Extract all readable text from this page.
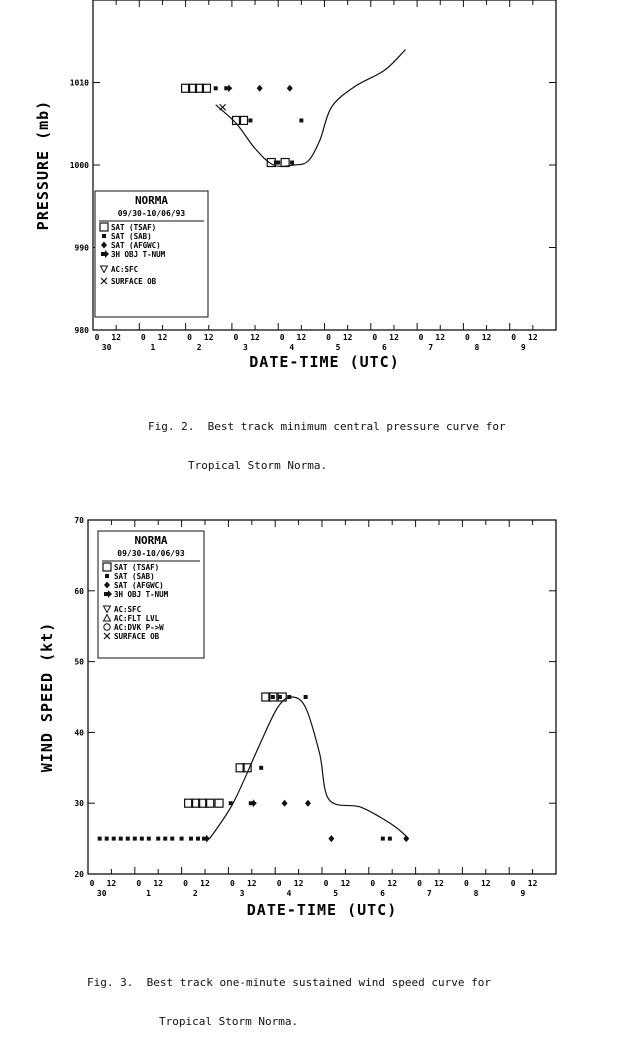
980
990
1000
1010
0 12 0 12 0 12 0 12 0 12 0 12 0 12 0 12 0 12 0 12
30	1	2	3	4	5	6	7	8	9
PRESSURE (mb)
DATE-TIME (UTC)
NORMA
09/30-10/06/93
SAT (TSAF)
SAT (SAB)
SAT (AFGWC)
3H OBJ T-NUM
AC:SFC
SURFACE OB
20
30
40
50
60
70
0 12	0 12	0 12	0 12	0 12	0 12	0 12	0 12	0 12	0 12
30	1	2	3	4	5	6	7	8	9
WIND SPEED (kt)
DATE-TIME (UTC)
NORMA
09/30-10/06/93
SAT (TSAF)
SAT (SAB)
SAT (AFGWC)
3H OBJ T-NUM
AC:SFC
AC:FLT LVL
AC:DVK P->W
SURFACE OB

Fig. 2.  Best track minimum central pressure curve for

Tropical Storm Norma.

Fig. 3.  Best track one-minute sustained wind speed curve for

Tropical Storm Norma.
